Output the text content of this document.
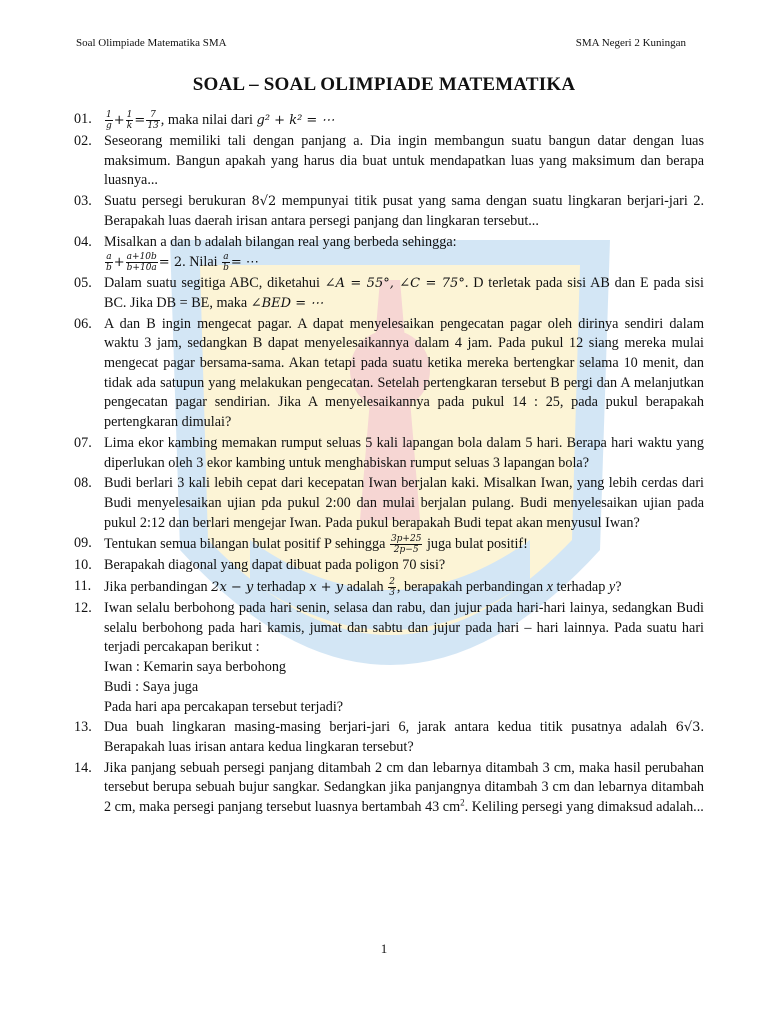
KUNINGAN
Soal Olimpiade Matematika SMA	SMA Negeri 2 Kuningan
SOAL – SOAL OLIMPIADE MATEMATIKA
01. $\frac{1}{g} + \frac{1}{k} = \frac{7}{13}$ , maka nilai dari g² + k² = ⋯
02. Seseorang memiliki tali dengan panjang a. Dia ingin membangun suatu bangun datar dengan luas maksimum. Bangun apakah yang harus dia buat untuk mendapatkan luas yang maksimum dan berapa luasnya...
03. Suatu persegi berukuran 8√2 mempunyai titik pusat yang sama dengan suatu lingkaran berjari-jari 2. Berapakah luas daerah irisan antara persegi panjang dan lingkaran tersebut...
04. Misalkan a dan b adalah bilangan real yang berbeda sehingga:

$\frac{a}{b} + \frac{a+10b}{b+10a} = 2$. Nilai $\frac{a}{b}$ = ⋯
05. Dalam suatu segitiga ABC, diketahui ∠A = 55°, ∠C = 75°. D terletak pada sisi AB dan E pada sisi BC. Jika DB = BE, maka ∠BED = ⋯
06. A dan B ingin mengecat pagar. A dapat menyelesaikan pengecatan pagar oleh dirinya sendiri dalam waktu 3 jam, sedangkan B dapat menyelesaikannya dalam 4 jam. Pada pukul 12 siang mereka mulai mengecat pagar bersama-sama. Akan tetapi pada suatu ketika mereka bertengkar selama 10 menit, dan tidak ada satupun yang melakukan pengecatan. Setelah pertengkaran tersebut B pergi dan A melanjutkan pengecatan pagar sendirian. Jika A menyelesaikannya pada pukul 14 : 25, pada pukul berapakah pertengkaran dimulai?
07. Lima ekor kambing memakan rumput seluas 5 kali lapangan bola dalam 5 hari. Berapa hari waktu yang diperlukan oleh 3 ekor kambing untuk menghabiskan rumput seluas 3 lapangan bola?
08. Budi berlari 3 kali lebih cepat dari kecepatan Iwan berjalan kaki. Misalkan Iwan, yang lebih cerdas dari Budi menyelesaikan ujian pda pukul 2:00 dan mulai berjalan pulang. Budi menyelesaikan ujian pada pukul 2:12 dan berlari mengejar Iwan. Pada pukul berapakah Budi tepat akan menyusul Iwan?
09. Tentukan semua bilangan bulat positif P sehingga $\frac{3p+25}{2p-5}$ juga bulat positif!
10. Berapakah diagonal yang dapat dibuat pada poligon 70 sisi?
11. Jika perbandingan 2x − y terhadap x + y adalah $\frac{2}{3}$ , berapakah perbandingan x terhadap y?
12. Iwan selalu berbohong pada hari senin, selasa dan rabu, dan jujur pada hari-hari lainya, sedangkan Budi selalu berbohong pada hari kamis, jumat dan sabtu dan jujur pada hari – hari lainnya. Pada suatu hari terjadi percakapan berikut :
Iwan : Kemarin saya berbohong
Budi : Saya juga
Pada hari apa percakapan tersebut terjadi?
13. Dua buah lingkaran masing-masing berjari-jari 6, jarak antara kedua titik pusatnya adalah 6√3. Berapakah luas irisan antara kedua lingkaran tersebut?
14. Jika panjang sebuah persegi panjang ditambah 2 cm dan lebarnya ditambah 3 cm, maka hasil perubahan tersebut berupa sebuah bujur sangkar. Sedangkan jika panjangnya ditambah 3 cm dan lebarnya ditambah 2 cm, maka persegi panjang tersebut luasnya bertambah 43 $cm^2$. Keliling persegi yang dimaksud adalah...
1
